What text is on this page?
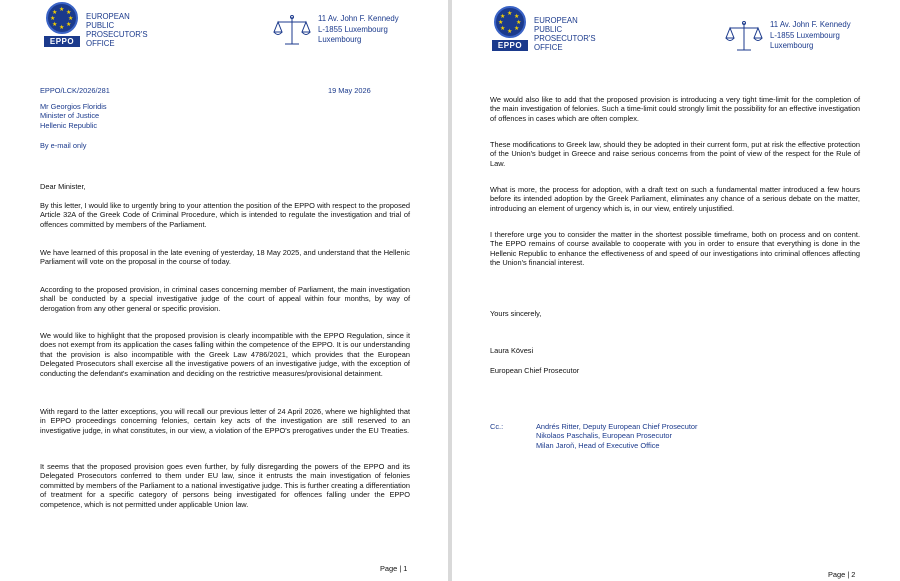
★ ★
★
★
★
★
★
★
EPPO
EUROPEAN
PUBLIC
PROSECUTOR'S
OFFICE
11 Av. John F. Kennedy
L-1855 Luxembourg
Luxembourg
EPPO/LCK/2026/281	19 May 2026
Mr Georgios Floridis
Minister of Justice
Hellenic Republic
By e-mail only
Dear Minister,
By this letter, I would like to urgently bring to your attention the position of the EPPO with respect to the proposed Article 32A of the Greek Code of Criminal Procedure, which is intended to regulate the investigation and trial of offences committed by members of the Parliament.
We have learned of this proposal in the late evening of yesterday, 18 May 2025, and understand that the Hellenic Parliament will vote on the proposal in the course of today.
According to the proposed provision, in criminal cases concerning member of Parliament, the main investigation shall be conducted by a special investigative judge of the court of appeal within four months, by way of derogation from any other general or specific provision.
We would like to highlight that the proposed provision is clearly incompatible with the EPPO Regulation, since it does not exempt from its application the cases falling within the competence of the EPPO. It is our understanding that the provision is also incompatible with the Greek Law 4786/2021, which provides that the European Delegated Prosecutors shall exercise all the investigative powers of an investigative judge, with the exception of conducting the defendant's examination and deciding on the restrictive measures/provisional detainment.
With regard to the latter exceptions, you will recall our previous letter of 24 April 2026, where we highlighted that in EPPO proceedings concerning felonies, certain key acts of the investigation are still reserved to an investigative judge, in what constitutes, in our view, a violation of the EPPO's prerogatives under the EU Treaties.
It seems that the proposed provision goes even further, by fully disregarding the powers of the EPPO and its Delegated Prosecutors conferred to them under EU law, since it entrusts the main investigation of felonies committed by members of the Parliament to a national investigative judge. This is further creating a differentiation of treatment for a specific category of persons being investigated for offences falling under the EPPO competence, which is not permitted under applicable Union law.
Page | 1
★ ★
★
★
★
★
★
★
EPPO
EUROPEAN
PUBLIC
PROSECUTOR'S
OFFICE
11 Av. John F. Kennedy
L-1855 Luxembourg
Luxembourg
We would also like to add that the proposed provision is introducing a very tight time-limit for the completion of the main investigation of felonies. Such a time-limit could strongly limit the possibility for an effective investigation of offences in cases which are often complex.
These modifications to Greek law, should they be adopted in their current form, put at risk the effective protection of the Union's budget in Greece and raise serious concerns from the point of view of the respect for the Rule of Law.
What is more, the process for adoption, with a draft text on such a fundamental matter introduced a few hours before its intended adoption by the Greek Parliament, eliminates any chance of a serious debate on the matter, introducing an element of urgency which is, in our view, entirely unjustified.
I therefore urge you to consider the matter in the shortest possible timeframe, both on process and on content. The EPPO remains of course available to cooperate with you in order to ensure that everything is done in the Hellenic Republic to enhance the effectiveness of and speed of our investigations into criminal offences affecting the Union's financial interest.
Yours sincerely,
Laura Kövesi
European Chief Prosecutor
Cc.:	Andrés Ritter, Deputy European Chief Prosecutor
Nikolaos Paschalis, European Prosecutor
Milan Jaroň, Head of Executive Office
Page | 2
